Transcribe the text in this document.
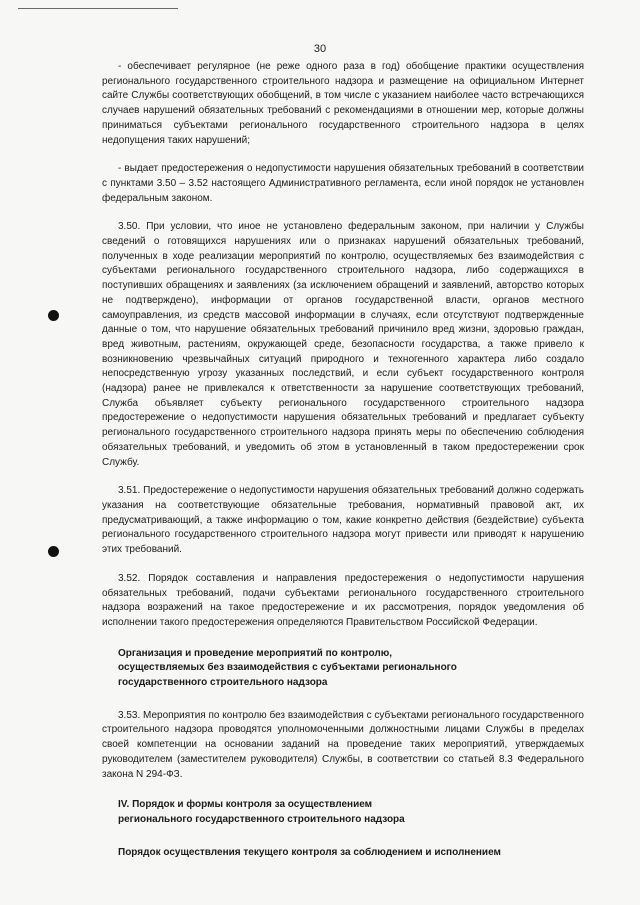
30

- обеспечивает регулярное (не реже одного раза в год) обобщение практики осуществления регионального государственного строительного надзора и размещение на официальном Интернет сайте Службы соответствующих обобщений, в том числе с указанием наиболее часто встречающихся случаев нарушений обязательных требований с рекомендациями в отношении мер, которые должны приниматься субъектами регионального государственного строительного надзора в целях недопущения таких нарушений;

- выдает предостережения о недопустимости нарушения обязательных требований в соответствии с пунктами 3.50 – 3.52 настоящего Административного регламента, если иной порядок не установлен федеральным законом.

3.50. При условии, что иное не установлено федеральным законом, при наличии у Службы сведений о готовящихся нарушениях или о признаках нарушений обязательных требований, полученных в ходе реализации мероприятий по контролю, осуществляемых без взаимодействия с субъектами регионального государственного строительного надзора, либо содержащихся в поступивших обращениях и заявлениях (за исключением обращений и заявлений, авторство которых не подтверждено), информации от органов государственной власти, органов местного самоуправления, из средств массовой информации в случаях, если отсутствуют подтвержденные данные о том, что нарушение обязательных требований причинило вред жизни, здоровью граждан, вред животным, растениям, окружающей среде, безопасности государства, а также привело к возникновению чрезвычайных ситуаций природного и техногенного характера либо создало непосредственную угрозу указанных последствий, и если субъект государственного контроля (надзора) ранее не привлекался к ответственности за нарушение соответствующих требований, Служба объявляет субъекту регионального государственного строительного надзора предостережение о недопустимости нарушения обязательных требований и предлагает субъекту регионального государственного строительного надзора принять меры по обеспечению соблюдения обязательных требований, и уведомить об этом в установленный в таком предостережении срок Службу.

3.51. Предостережение о недопустимости нарушения обязательных требований должно содержать указания на соответствующие обязательные требования, нормативный правовой акт, их предусматривающий, а также информацию о том, какие конкретно действия (бездействие) субъекта регионального государственного строительного надзора могут привести или приводят к нарушению этих требований.

3.52. Порядок составления и направления предостережения о недопустимости нарушения обязательных требований, подачи субъектами регионального государственного строительного надзора возражений на такое предостережение и их рассмотрения, порядок уведомления об исполнении такого предостережения определяются Правительством Российской Федерации.

Организация и проведение мероприятий по контролю,

осуществляемых без взаимодействия с субъектами регионального

государственного строительного надзора

3.53. Мероприятия по контролю без взаимодействия с субъектами регионального государственного строительного надзора проводятся уполномоченными должностными лицами Службы в пределах своей компетенции на основании заданий на проведение таких мероприятий, утверждаемых руководителем (заместителем руководителя) Службы, в соответствии со статьей 8.3 Федерального закона N 294-ФЗ.

IV. Порядок и формы контроля за осуществлением

регионального государственного строительного надзора

Порядок осуществления текущего контроля за соблюдением и исполнением
